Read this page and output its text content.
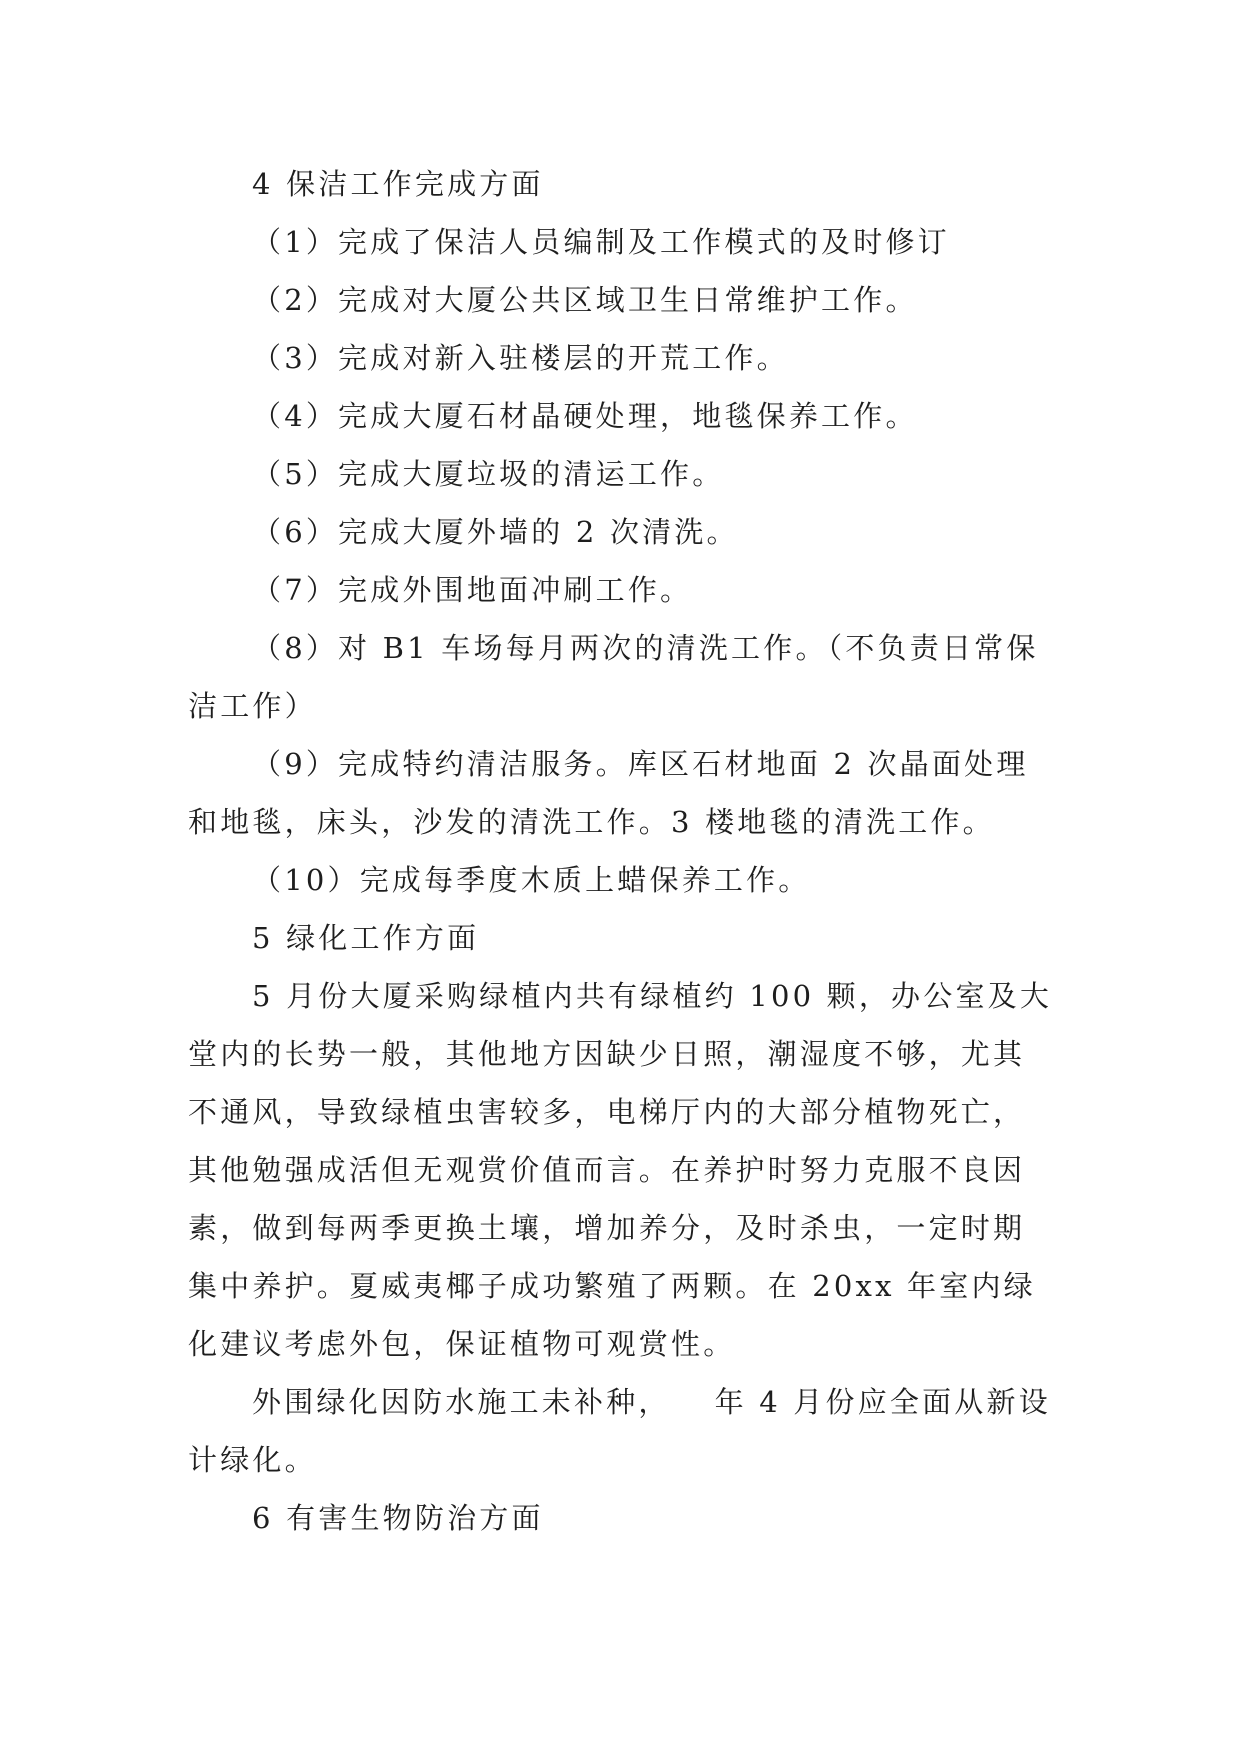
4 保洁工作完成方面
（1）完成了保洁人员编制及工作模式的及时修订
（2）完成对大厦公共区域卫生日常维护工作。
（3）完成对新入驻楼层的开荒工作。
（4）完成大厦石材晶硬处理，地毯保养工作。
（5）完成大厦垃圾的清运工作。
（6）完成大厦外墙的 2 次清洗。
（7）完成外围地面冲刷工作。
（8）对 B1 车场每月两次的清洗工作。（不负责日常保
洁工作）
（9）完成特约清洁服务。库区石材地面 2 次晶面处理
和地毯，床头，沙发的清洗工作。3 楼地毯的清洗工作。
（10）完成每季度木质上蜡保养工作。
5 绿化工作方面
5 月份大厦采购绿植内共有绿植约 100 颗，办公室及大
堂内的长势一般，其他地方因缺少日照，潮湿度不够，尤其
不通风，导致绿植虫害较多，电梯厅内的大部分植物死亡，
其他勉强成活但无观赏价值而言。在养护时努力克服不良因
素，做到每两季更换土壤，增加养分，及时杀虫，一定时期
集中养护。夏威夷椰子成功繁殖了两颗。在 20xx 年室内绿
化建议考虑外包，保证植物可观赏性。
外围绿化因防水施工未补种， 年 4 月份应全面从新设
计绿化。
6 有害生物防治方面
